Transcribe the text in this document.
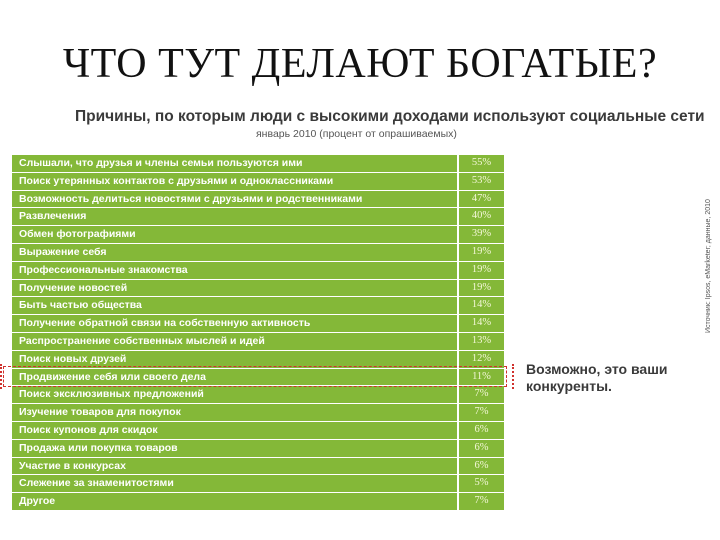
ЧТО ТУТ ДЕЛАЮТ БОГАТЫЕ?
Причины, по которым люди с высокими доходами используют социальные сети
январь 2010 (процент от опрашиваемых)
Слышали, что друзья и члены семьи пользуются ими	55%
Поиск утерянных контактов с друзьями и одноклассниками	53%
Возможность делиться новостями с друзьями и родственниками	47%
Развлечения	40%
Обмен фотографиями	39%
Выражение себя	19%
Профессиональные знакомства	19%
Получение новостей	19%
Быть частью общества	14%
Получение обратной связи на собственную активность	14%
Распространение собственных мыслей и идей	13%
Поиск новых друзей	12%
Продвижение себя или своего дела	11%
Поиск эксклюзивных предложений	7%
Изучение товаров для покупок	7%
Поиск купонов для скидок	6%
Продажа или покупка товаров	6%
Участие в конкурсах	6%
Слежение за знаменитостями	5%
Другое	7%
Возможно, это ваши конкуренты.
Источник: Ipsos, eMarketer; данные, 2010
